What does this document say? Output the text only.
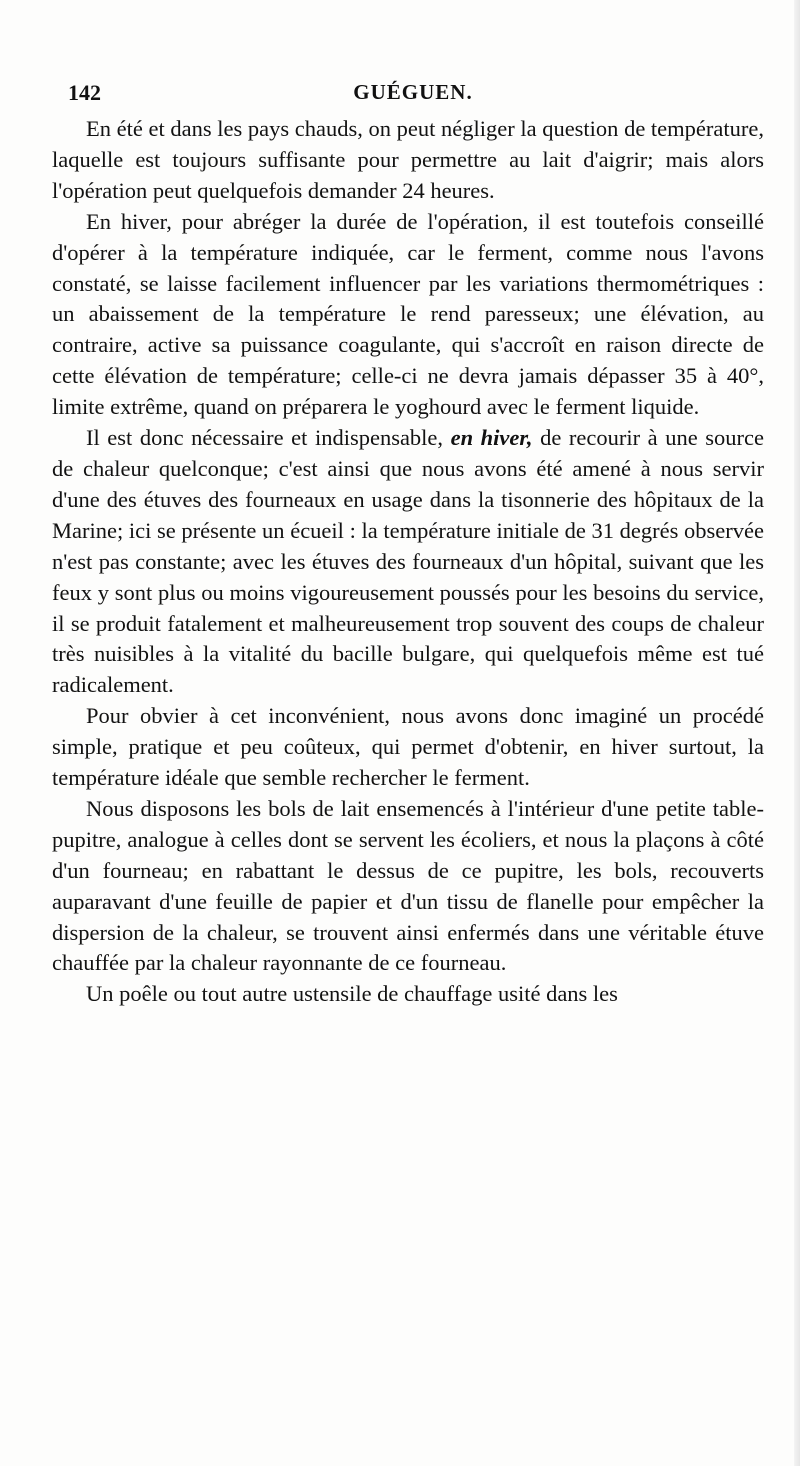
142	GUÉGUEN.

En été et dans les pays chauds, on peut négliger la question de température, laquelle est toujours suffisante pour permettre au lait d'aigrir; mais alors l'opération peut quelquefois demander 24 heures.

En hiver, pour abréger la durée de l'opération, il est toutefois conseillé d'opérer à la température indiquée, car le ferment, comme nous l'avons constaté, se laisse facilement influencer par les variations thermométriques : un abaissement de la température le rend paresseux; une élévation, au contraire, active sa puissance coagulante, qui s'accroît en raison directe de cette élévation de température; celle-ci ne devra jamais dépasser 35 à 40°, limite extrême, quand on préparera le yoghourd avec le ferment liquide.

Il est donc nécessaire et indispensable, en hiver, de recourir à une source de chaleur quelconque; c'est ainsi que nous avons été amené à nous servir d'une des étuves des fourneaux en usage dans la tisonnerie des hôpitaux de la Marine; ici se présente un écueil : la température initiale de 31 degrés observée n'est pas constante; avec les étuves des fourneaux d'un hôpital, suivant que les feux y sont plus ou moins vigoureusement poussés pour les besoins du service, il se produit fatalement et malheureusement trop souvent des coups de chaleur très nuisibles à la vitalité du bacille bulgare, qui quelquefois même est tué radicalement.

Pour obvier à cet inconvénient, nous avons donc imaginé un procédé simple, pratique et peu coûteux, qui permet d'obtenir, en hiver surtout, la température idéale que semble rechercher le ferment.

Nous disposons les bols de lait ensemencés à l'intérieur d'une petite table-pupitre, analogue à celles dont se servent les écoliers, et nous la plaçons à côté d'un fourneau; en rabattant le dessus de ce pupitre, les bols, recouverts auparavant d'une feuille de papier et d'un tissu de flanelle pour empêcher la dispersion de la chaleur, se trouvent ainsi enfermés dans une véritable étuve chauffée par la chaleur rayonnante de ce fourneau.

Un poêle ou tout autre ustensile de chauffage usité dans les
